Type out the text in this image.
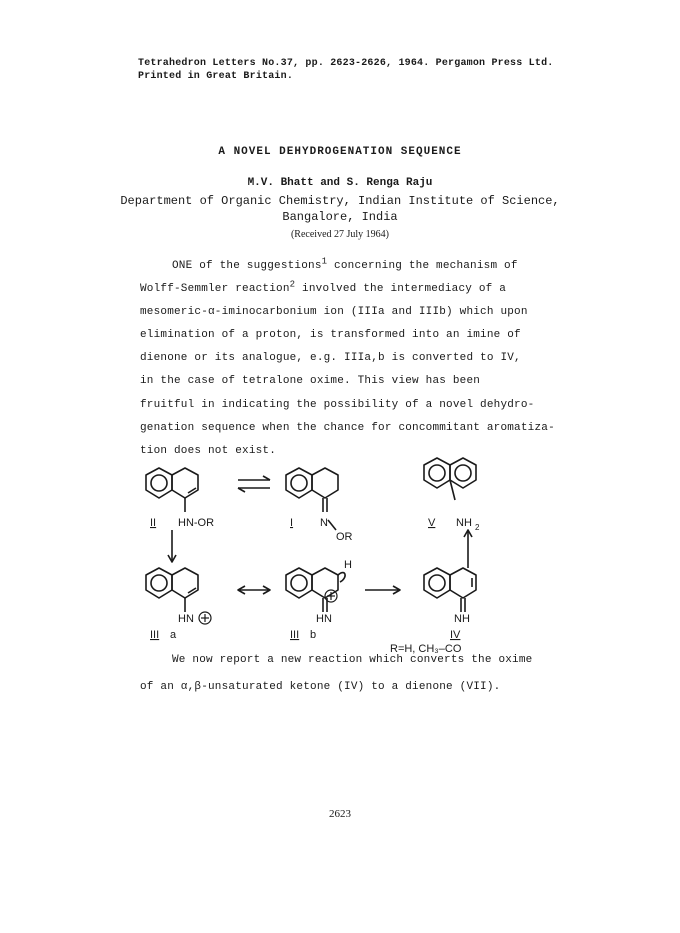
Tetrahedron Letters No.37, pp. 2623-2626, 1964. Pergamon Press Ltd.
Printed in Great Britain.
A NOVEL DEHYDROGENATION SEQUENCE
M.V. Bhatt and S. Renga Raju
Department of Organic Chemistry, Indian Institute of Science,
Bangalore, India
(Received 27 July 1964)
ONE of the suggestions$^1$ concerning the mechanism of
Wolff-Semmler reaction$^2$ involved the intermediacy of a
mesomeric-α-iminocarbonium ion (IIIa and IIIb) which upon
elimination of a proton, is transformed into an imine of
dienone or its analogue, e.g. IIIa,b is converted to IV,
in the case of tetralone oxime. This view has been
fruitful in indicating the possibility of a novel dehydro-
genation sequence when the chance for concommitant aromatiza-
tion does not exist.
II HN-OR	I N
OR
V NH 2
HN
III a
HN
III b
H
NH
IV
R=H, CH₃–CO
We now report a new reaction which converts the oxime
of an α,β-unsaturated ketone (IV) to a dienone (VII).
2623
